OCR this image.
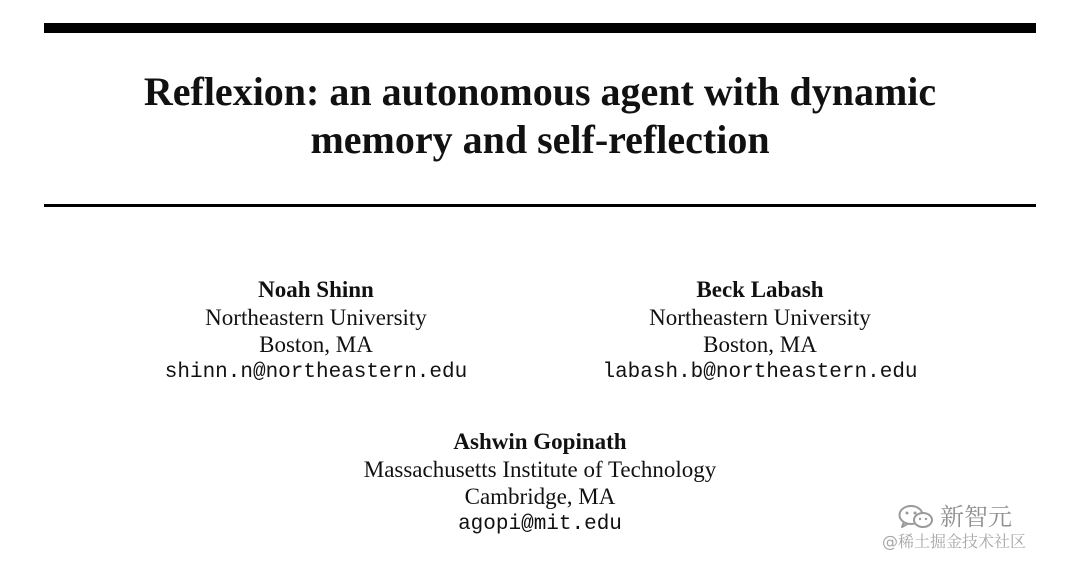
Reflexion: an autonomous agent with dynamic
memory and self-reflection
Noah Shinn
Northeastern University
Boston, MA
shinn.n@northeastern.edu
Beck Labash
Northeastern University
Boston, MA
labash.b@northeastern.edu
Ashwin Gopinath
Massachusetts Institute of Technology
Cambridge, MA
agopi@mit.edu	新智元
@稀土掘金技术社区
